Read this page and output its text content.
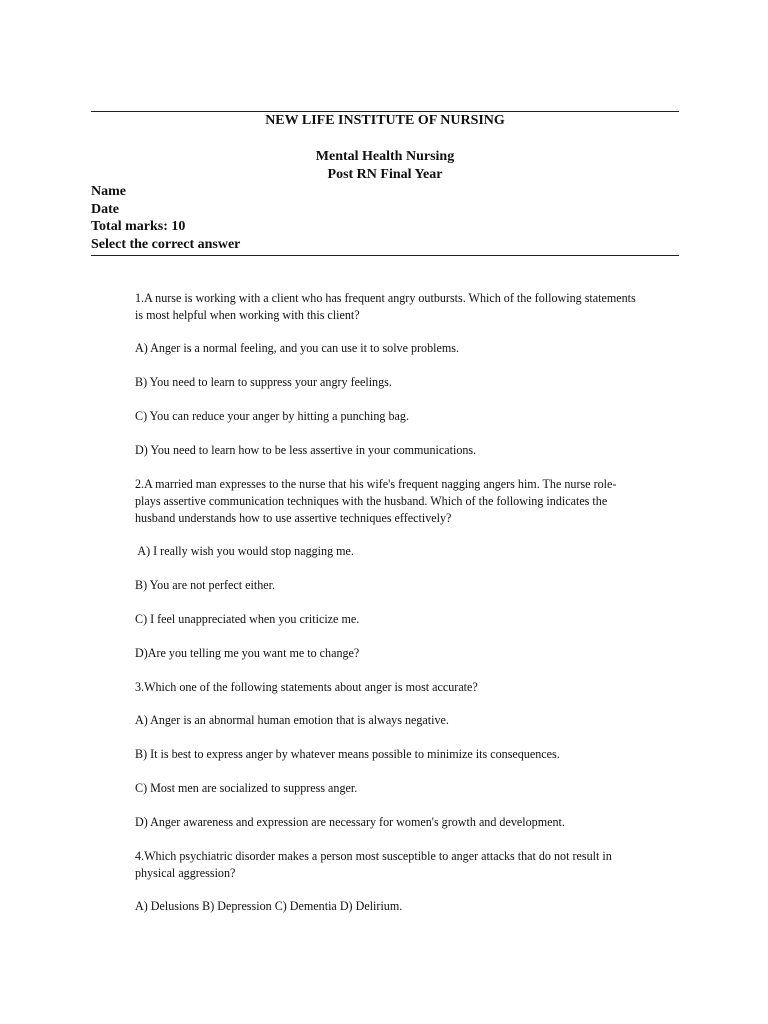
NEW LIFE INSTITUTE OF NURSING
Mental Health Nursing
Post RN Final Year
Name
Date
Total marks: 10
Select the correct answer

1.A nurse is working with a client who has frequent angry outbursts. Which of the following statements is most helpful when working with this client?

A) Anger is a normal feeling, and you can use it to solve problems.

B) You need to learn to suppress your angry feelings.

C) You can reduce your anger by hitting a punching bag.

D) You need to learn how to be less assertive in your communications.

2.A married man expresses to the nurse that his wife's frequent nagging angers him. The nurse role-plays assertive communication techniques with the husband. Which of the following indicates the husband understands how to use assertive techniques effectively?

A) I really wish you would stop nagging me.

B) You are not perfect either.

C) I feel unappreciated when you criticize me.

D)Are you telling me you want me to change?

3.Which one of the following statements about anger is most accurate?

A) Anger is an abnormal human emotion that is always negative.

B) It is best to express anger by whatever means possible to minimize its consequences.

C) Most men are socialized to suppress anger.

D) Anger awareness and expression are necessary for women's growth and development.

4.Which psychiatric disorder makes a person most susceptible to anger attacks that do not result in physical aggression?

A) Delusions B) Depression C) Dementia D) Delirium.
